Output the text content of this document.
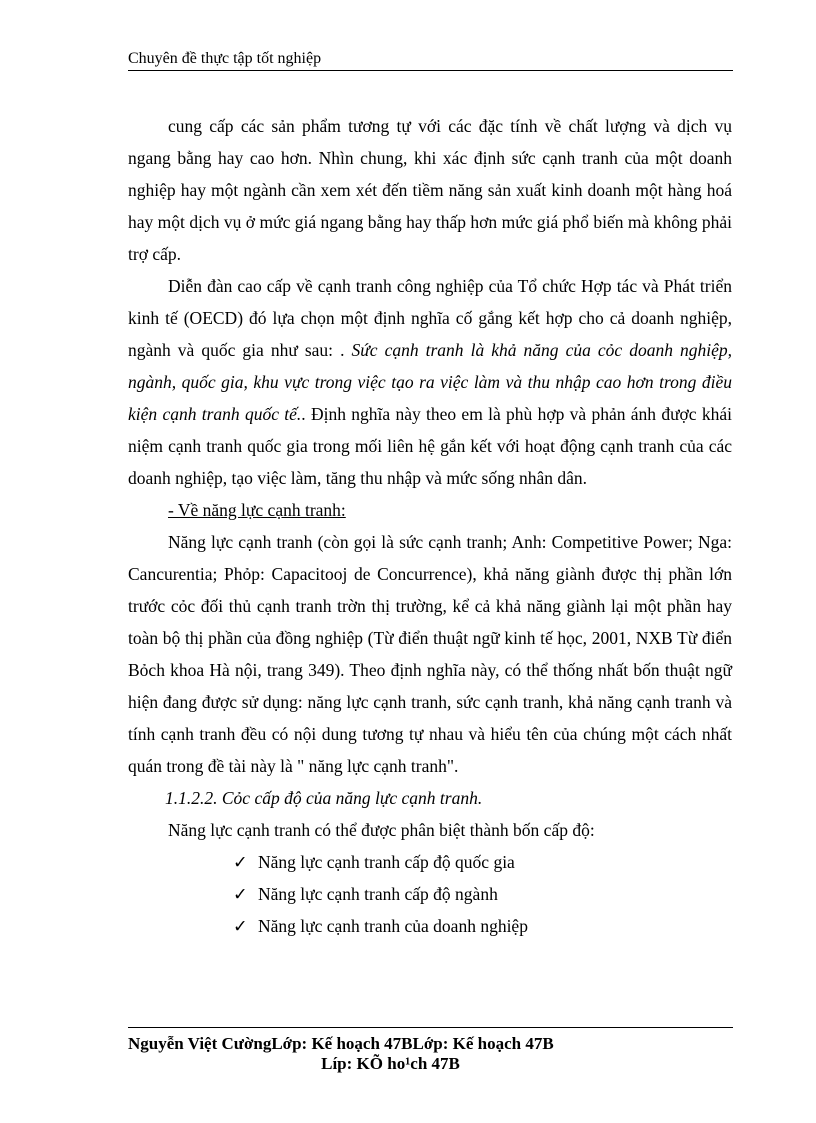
Chuyên đề thực tập tốt nghiệp

cung cấp các sản phẩm tương tự với các đặc tính về chất lượng và dịch vụ ngang bằng hay cao hơn. Nhìn chung, khi xác định sức cạnh tranh của một doanh nghiệp hay một ngành cần xem xét đến tiềm năng sản xuất kinh doanh một hàng hoá hay một dịch vụ ở mức giá ngang bằng hay thấp hơn mức giá phổ biến mà không phải trợ cấp.

Diễn đàn cao cấp về cạnh tranh công nghiệp của Tổ chức Hợp tác và Phát triển kinh tế (OECD) đó lựa chọn một định nghĩa cố gắng kết hợp cho cả doanh nghiệp, ngành và quốc gia như sau: . Sức cạnh tranh là khả năng của cỏc doanh nghiệp, ngành, quốc gia, khu vực trong việc tạo ra việc làm và thu nhập cao hơn trong điều kiện cạnh tranh quốc tế.. Định nghĩa này theo em là phù hợp và phản ánh được khái niệm cạnh tranh quốc gia trong mối liên hệ gắn kết với hoạt động cạnh tranh của các doanh nghiệp, tạo việc làm, tăng thu nhập và mức sống nhân dân.

- Về năng lực cạnh tranh:

Năng lực cạnh tranh (còn gọi là sức cạnh tranh; Anh: Competitive Power; Nga: Cancurentia; Phỏp: Capacitooj de Concurrence), khả năng giành được thị phần lớn trước cỏc đối thủ cạnh tranh trờn thị trường, kể cả khả năng giành lại một phần hay toàn bộ thị phần của đồng nghiệp (Từ điển thuật ngữ kinh tế học, 2001, NXB Từ điển Bỏch khoa Hà nội, trang 349). Theo định nghĩa này, có thể thống nhất bốn thuật ngữ hiện đang được sử dụng: năng lực cạnh tranh, sức cạnh tranh, khả năng cạnh tranh và tính cạnh tranh đều có nội dung tương tự nhau và hiểu tên của chúng một cách nhất quán trong đề tài này là " năng lực cạnh tranh".

1.1.2.2. Cỏc cấp độ của năng lực cạnh tranh.

Năng lực cạnh tranh có thể được phân biệt thành bốn cấp độ:

✓ Năng lực cạnh tranh cấp độ quốc gia
✓ Năng lực cạnh tranh cấp độ ngành
✓ Năng lực cạnh tranh của doanh nghiệp
Nguyễn Việt CườngLớp: Kế hoạch 47BLớp: Kế hoạch 47B
Líp: KÕ ho¹ch 47B
